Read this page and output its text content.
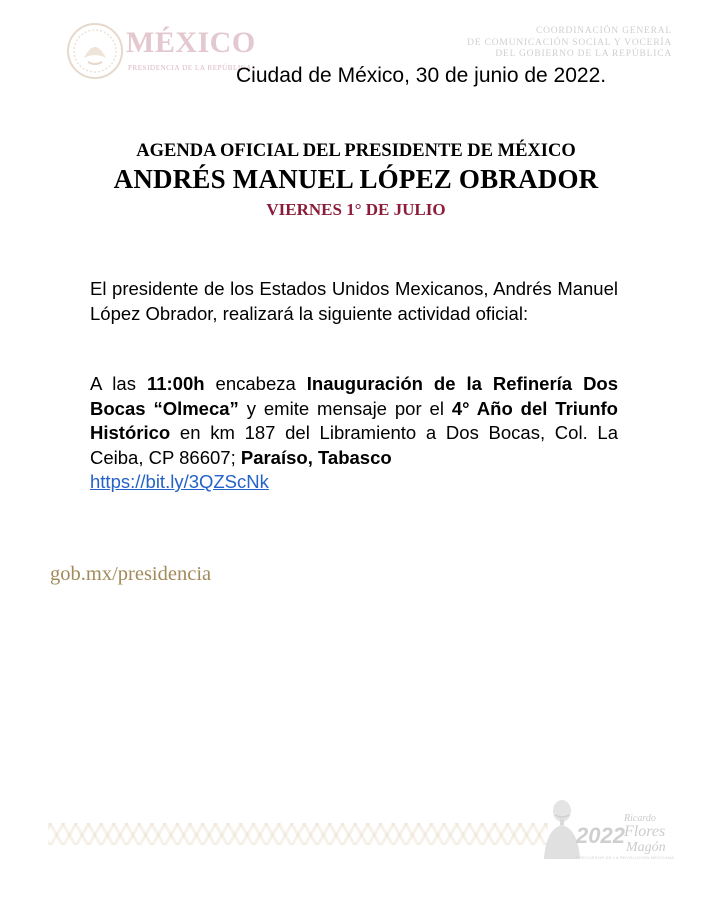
MÉXICO
PRESIDENCIA DE LA REPÚBLICA
COORDINACIÓN GENERAL
DE COMUNICACIÓN SOCIAL Y VOCERÍA
DEL GOBIERNO DE LA REPÚBLICA
Ciudad de México, 30 de junio de 2022.
AGENDA OFICIAL DEL PRESIDENTE DE MÉXICO
ANDRÉS MANUEL LÓPEZ OBRADOR
VIERNES 1° DE JULIO
El presidente de los Estados Unidos Mexicanos, Andrés Manuel López Obrador, realizará la siguiente actividad oficial:
A las 11:00h encabeza Inauguración de la Refinería Dos Bocas “Olmeca” y emite mensaje por el 4° Año del Triunfo Histórico en km 187 del Libramiento a Dos Bocas, Col. La Ceiba, CP 86607; Paraíso, Tabasco
https://bit.ly/3QZScNk
gob.mx/presidencia
2022
Ricardo
Flores
Magón
PRECURSOR DE LA REVOLUCIÓN MEXICANA
